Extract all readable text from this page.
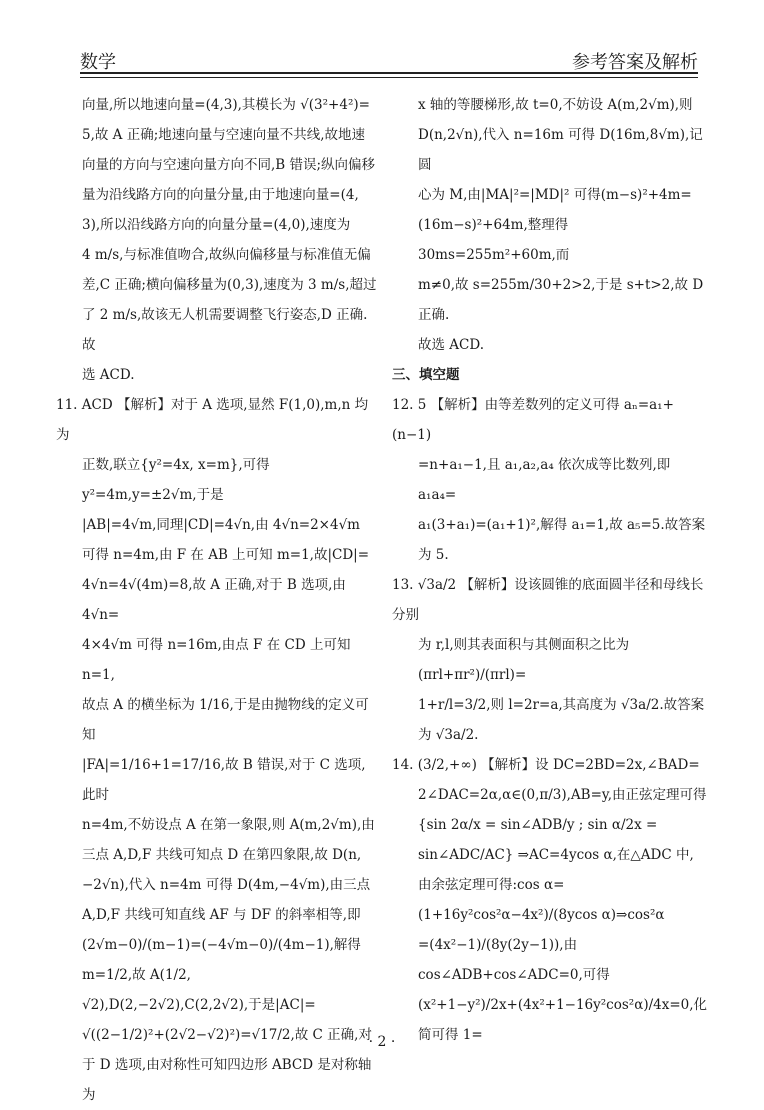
数学	参考答案及解析

向量,所以地速向量=(4,3),其模长为 √(3²+4²)=

5,故 A 正确;地速向量与空速向量不共线,故地速

向量的方向与空速向量方向不同,B 错误;纵向偏移

量为沿线路方向的向量分量,由于地速向量=(4,

3),所以沿线路方向的向量分量=(4,0),速度为

4 m/s,与标准值吻合,故纵向偏移量与标准值无偏

差,C 正确;横向偏移量为(0,3),速度为 3 m/s,超过

了 2 m/s,故该无人机需要调整飞行姿态,D 正确.故

选 ACD.

11. ACD 【解析】对于 A 选项,显然 F(1,0),m,n 均为

正数,联立{y²=4x, x=m},可得 y²=4m,y=±2√m,于是

|AB|=4√m,同理|CD|=4√n,由 4√n=2×4√m

可得 n=4m,由 F 在 AB 上可知 m=1,故|CD|=

4√n=4√(4m)=8,故 A 正确,对于 B 选项,由 4√n=

4×4√m 可得 n=16m,由点 F 在 CD 上可知 n=1,

故点 A 的横坐标为 1/16,于是由抛物线的定义可知

|FA|=1/16+1=17/16,故 B 错误,对于 C 选项,此时

n=4m,不妨设点 A 在第一象限,则 A(m,2√m),由

三点 A,D,F 共线可知点 D 在第四象限,故 D(n,

−2√n),代入 n=4m 可得 D(4m,−4√m),由三点

A,D,F 共线可知直线 AF 与 DF 的斜率相等,即

(2√m−0)/(m−1)=(−4√m−0)/(4m−1),解得 m=1/2,故 A(1/2,

√2),D(2,−2√2),C(2,2√2),于是|AC|=

√((2−1/2)²+(2√2−√2)²)=√17/2,故 C 正确,对

于 D 选项,由对称性可知四边形 ABCD 是对称轴为

x 轴的等腰梯形,故 t=0,不妨设 A(m,2√m),则

D(n,2√n),代入 n=16m 可得 D(16m,8√m),记圆

心为 M,由|MA|²=|MD|² 可得(m−s)²+4m=

(16m−s)²+64m,整理得 30ms=255m²+60m,而

m≠0,故 s=255m/30+2>2,于是 s+t>2,故 D 正确.

故选 ACD.

三、填空题

12. 5 【解析】由等差数列的定义可得 aₙ=a₁+(n−1)

=n+a₁−1,且 a₁,a₂,a₄ 依次成等比数列,即 a₁a₄=

a₁(3+a₁)=(a₁+1)²,解得 a₁=1,故 a₅=5.故答案

为 5.

13. √3a/2 【解析】设该圆锥的底面圆半径和母线长分别

为 r,l,则其表面积与其侧面积之比为(πrl+πr²)/(πrl)=

1+r/l=3/2,则 l=2r=a,其高度为 √3a/2.故答案

为 √3a/2.

14. (3/2,+∞) 【解析】设 DC=2BD=2x,∠BAD=

2∠DAC=2α,α∈(0,π/3),AB=y,由正弦定理可得

{sin 2α/x = sin∠ADB/y ; sin α/2x = sin∠ADC/AC} ⇒AC=4ycos α,在△ADC 中,

由余弦定理可得:cos α=(1+16y²cos²α−4x²)/(8ycos α)⇒cos²α

=(4x²−1)/(8y(2y−1)),由 cos∠ADB+cos∠ADC=0,可得

(x²+1−y²)/2x+(4x²+1−16y²cos²α)/4x=0,化简可得 1=

· 2 ·
